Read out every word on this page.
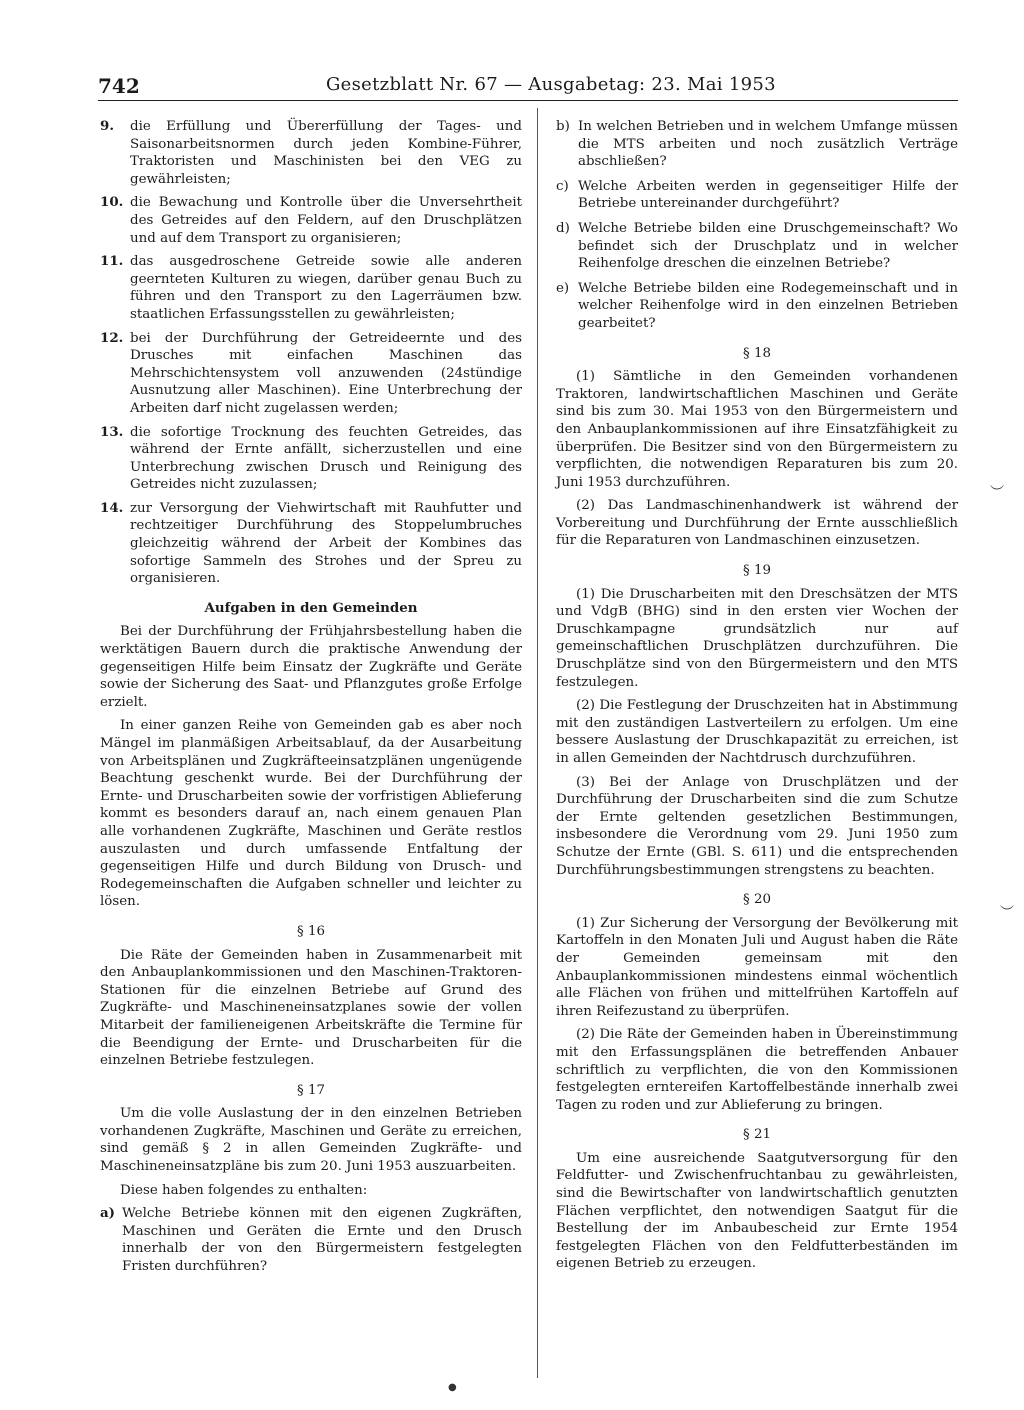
742	Gesetzblatt Nr. 67 — Ausgabetag: 23. Mai 1953
9. die Erfüllung und Übererfüllung der Tages- und Saisonarbeitsnormen durch jeden Kombine-Führer, Traktoristen und Maschinisten bei den VEG zu gewährleisten;
10. die Bewachung und Kontrolle über die Unversehrtheit des Getreides auf den Feldern, auf den Druschplätzen und auf dem Transport zu organisieren;
11. das ausgedroschene Getreide sowie alle anderen geernteten Kulturen zu wiegen, darüber genau Buch zu führen und den Transport zu den Lagerräumen bzw. staatlichen Erfassungsstellen zu gewährleisten;
12. bei der Durchführung der Getreideernte und des Drusches mit einfachen Maschinen das Mehrschichtensystem voll anzuwenden (24stündige Ausnutzung aller Maschinen). Eine Unterbrechung der Arbeiten darf nicht zugelassen werden;
13. die sofortige Trocknung des feuchten Getreides, das während der Ernte anfällt, sicherzustellen und eine Unterbrechung zwischen Drusch und Reinigung des Getreides nicht zuzulassen;
14. zur Versorgung der Viehwirtschaft mit Rauhfutter und rechtzeitiger Durchführung des Stoppelumbruches gleichzeitig während der Arbeit der Kombines das sofortige Sammeln des Strohes und der Spreu zu organisieren.
Aufgaben in den Gemeinden

Bei der Durchführung der Frühjahrsbestellung haben die werktätigen Bauern durch die praktische Anwendung der gegenseitigen Hilfe beim Einsatz der Zugkräfte und Geräte sowie der Sicherung des Saat- und Pflanzgutes große Erfolge erzielt.

In einer ganzen Reihe von Gemeinden gab es aber noch Mängel im planmäßigen Arbeitsablauf, da der Ausarbeitung von Arbeitsplänen und Zugkräfteeinsatzplänen ungenügende Beachtung geschenkt wurde. Bei der Durchführung der Ernte- und Druscharbeiten sowie der vorfristigen Ablieferung kommt es besonders darauf an, nach einem genauen Plan alle vorhandenen Zugkräfte, Maschinen und Geräte restlos auszulasten und durch umfassende Entfaltung der gegenseitigen Hilfe und durch Bildung von Drusch- und Rodegemeinschaften die Aufgaben schneller und leichter zu lösen.

§ 16

Die Räte der Gemeinden haben in Zusammenarbeit mit den Anbauplankommissionen und den Maschinen-Traktoren-Stationen für die einzelnen Betriebe auf Grund des Zugkräfte- und Maschineneinsatzplanes sowie der vollen Mitarbeit der familieneigenen Arbeitskräfte die Termine für die Beendigung der Ernte- und Druscharbeiten für die einzelnen Betriebe festzulegen.

§ 17

Um die volle Auslastung der in den einzelnen Betrieben vorhandenen Zugkräfte, Maschinen und Geräte zu erreichen, sind gemäß § 2 in allen Gemeinden Zugkräfte- und Maschineneinsatzpläne bis zum 20. Juni 1953 auszuarbeiten.

Diese haben folgendes zu enthalten:

a) Welche Betriebe können mit den eigenen Zugkräften, Maschinen und Geräten die Ernte und den Drusch innerhalb der von den Bürgermeistern festgelegten Fristen durchführen?
b) In welchen Betrieben und in welchem Umfange müssen die MTS arbeiten und noch zusätzlich Verträge abschließen?
c) Welche Arbeiten werden in gegenseitiger Hilfe der Betriebe untereinander durchgeführt?
d) Welche Betriebe bilden eine Druschgemeinschaft? Wo befindet sich der Druschplatz und in welcher Reihenfolge dreschen die einzelnen Betriebe?
e) Welche Betriebe bilden eine Rodegemeinschaft und in welcher Reihenfolge wird in den einzelnen Betrieben gearbeitet?
§ 18

(1) Sämtliche in den Gemeinden vorhandenen Traktoren, landwirtschaftlichen Maschinen und Geräte sind bis zum 30. Mai 1953 von den Bürgermeistern und den Anbauplankommissionen auf ihre Einsatzfähigkeit zu überprüfen. Die Besitzer sind von den Bürgermeistern zu verpflichten, die notwendigen Reparaturen bis zum 20. Juni 1953 durchzuführen.

(2) Das Landmaschinenhandwerk ist während der Vorbereitung und Durchführung der Ernte ausschließlich für die Reparaturen von Landmaschinen einzusetzen.

§ 19

(1) Die Druscharbeiten mit den Dreschsätzen der MTS und VdgB (BHG) sind in den ersten vier Wochen der Druschkampagne grundsätzlich nur auf gemeinschaftlichen Druschplätzen durchzuführen. Die Druschplätze sind von den Bürgermeistern und den MTS festzulegen.

(2) Die Festlegung der Druschzeiten hat in Abstimmung mit den zuständigen Lastverteilern zu erfolgen. Um eine bessere Auslastung der Druschkapazität zu erreichen, ist in allen Gemeinden der Nachtdrusch durchzuführen.

(3) Bei der Anlage von Druschplätzen und der Durchführung der Druscharbeiten sind die zum Schutze der Ernte geltenden gesetzlichen Bestimmungen, insbesondere die Verordnung vom 29. Juni 1950 zum Schutze der Ernte (GBl. S. 611) und die entsprechenden Durchführungsbestimmungen strengstens zu beachten.

§ 20

(1) Zur Sicherung der Versorgung der Bevölkerung mit Kartoffeln in den Monaten Juli und August haben die Räte der Gemeinden gemeinsam mit den Anbauplankommissionen mindestens einmal wöchentlich alle Flächen von frühen und mittelfrühen Kartoffeln auf ihren Reifezustand zu überprüfen.

(2) Die Räte der Gemeinden haben in Übereinstimmung mit den Erfassungsplänen die betreffenden Anbauer schriftlich zu verpflichten, die von den Kommissionen festgelegten erntereifen Kartoffelbestände innerhalb zwei Tagen zu roden und zur Ablieferung zu bringen.

§ 21

Um eine ausreichende Saatgutversorgung für den Feldfutter- und Zwischenfruchtanbau zu gewährleisten, sind die Bewirtschafter von landwirtschaftlich genutzten Flächen verpflichtet, den notwendigen Saatgut für die Bestellung der im Anbaubescheid zur Ernte 1954 festgelegten Flächen von den Feldfutterbeständen im eigenen Betrieb zu erzeugen.

︶
︶
●
